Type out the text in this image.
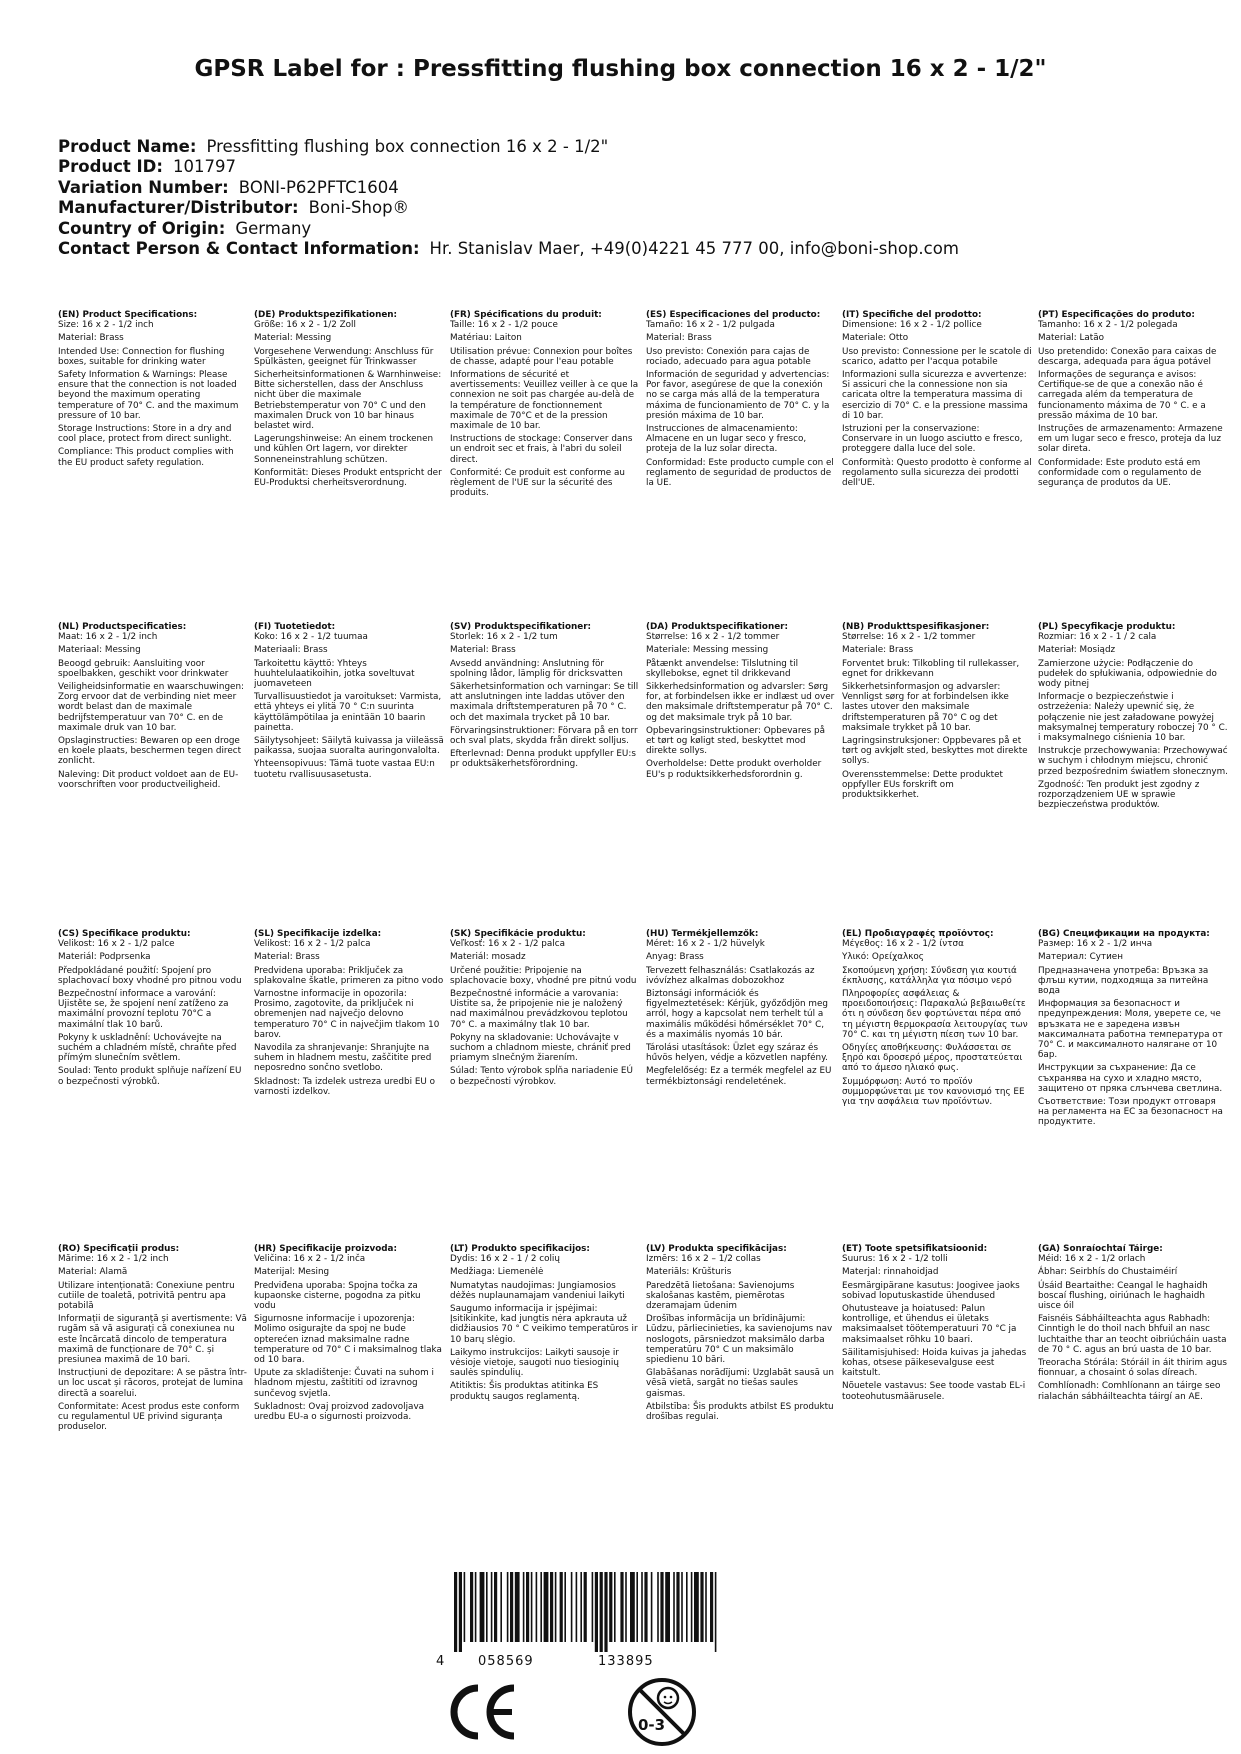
GPSR Label for : Pressfitting flushing box connection 16 x 2 - 1/2"
Product Name: Pressfitting flushing box connection 16 x 2 - 1/2"
Product ID: 101797
Variation Number: BONI-P62PFTC1604
Manufacturer/Distributor: Boni-Shop®
Country of Origin: Germany
Contact Person & Contact Information: Hr. Stanislav Maer, +49(0)4221 45 777 00, info@boni-shop.com
(EN) Product Specifications:

Size: 16 x 2 - 1/2 inch

Material: Brass

Intended Use: Connection for flushing boxes, suitable for drinking water

Safety Information & Warnings: Please ensure that the connection is not loaded beyond the maximum operating temperature of 70° C. and the maximum pressure of 10 bar.

Storage Instructions: Store in a dry and cool place, protect from direct sunlight.

Compliance: This product complies with the EU product safety regulation.

(DE) Produktspezifikationen:

Größe: 16 x 2 - 1/2 Zoll

Material: Messing

Vorgesehene Verwendung: Anschluss für Spülkästen, geeignet für Trinkwasser

Sicherheitsinformationen & Warnhinweise: Bitte sicherstellen, dass der Anschluss nicht über die maximale Betriebstemperatur von 70° C und den maximalen Druck von 10 bar hinaus belastet wird.

Lagerungshinweise: An einem trockenen und kühlen Ort lagern, vor direkter Sonneneinstrahlung schützen.

Konformität: Dieses Produkt entspricht der EU-Produktsi cherheitsverordnung.

(FR) Spécifications du produit:

Taille: 16 x 2 - 1/2 pouce

Matériau: Laiton

Utilisation prévue: Connexion pour boîtes de chasse, adapté pour l'eau potable

Informations de sécurité et avertissements: Veuillez veiller à ce que la connexion ne soit pas chargée au-delà de la température de fonctionnement maximale de 70°C et de la pression maximale de 10 bar.

Instructions de stockage: Conserver dans un endroit sec et frais, à l'abri du soleil direct.

Conformité: Ce produit est conforme au règlement de l'UE sur la sécurité des produits.

(ES) Especificaciones del producto:

Tamaño: 16 x 2 - 1/2 pulgada

Material: Brass

Uso previsto: Conexión para cajas de rociado, adecuado para agua potable

Información de seguridad y advertencias: Por favor, asegúrese de que la conexión no se carga más allá de la temperatura máxima de funcionamiento de 70° C. y la presión máxima de 10 bar.

Instrucciones de almacenamiento: Almacene en un lugar seco y fresco, proteja de la luz solar directa.

Conformidad: Este producto cumple con el reglamento de seguridad de productos de la UE.

(IT) Specifiche del prodotto:

Dimensione: 16 x 2 - 1/2 pollice

Materiale: Otto

Uso previsto: Connessione per le scatole di scarico, adatto per l'acqua potabile

Informazioni sulla sicurezza e avvertenze: Si assicuri che la connessione non sia caricata oltre la temperatura massima di esercizio di 70° C. e la pressione massima di 10 bar.

Istruzioni per la conservazione: Conservare in un luogo asciutto e fresco, proteggere dalla luce del sole.

Conformità: Questo prodotto è conforme al regolamento sulla sicurezza dei prodotti dell'UE.

(PT) Especificações do produto:

Tamanho: 16 x 2 - 1/2 polegada

Material: Latão

Uso pretendido: Conexão para caixas de descarga, adequada para água potável

Informações de segurança e avisos: Certifique-se de que a conexão não é carregada além da temperatura de funcionamento máxima de 70 ° C. e a pressão máxima de 10 bar.

Instruções de armazenamento: Armazene em um lugar seco e fresco, proteja da luz solar direta.

Conformidade: Este produto está em conformidade com o regulamento de segurança de produtos da UE.

(NL) Productspecificaties:

Maat: 16 x 2 - 1/2 inch

Materiaal: Messing

Beoogd gebruik: Aansluiting voor spoelbakken, geschikt voor drinkwater

Veiligheidsinformatie en waarschuwingen: Zorg ervoor dat de verbinding niet meer wordt belast dan de maximale bedrijfstemperatuur van 70° C. en de maximale druk van 10 bar.

Opslaginstructies: Bewaren op een droge en koele plaats, beschermen tegen direct zonlicht.

Naleving: Dit product voldoet aan de EU-voorschriften voor productveiligheid.

(FI) Tuotetiedot:

Koko: 16 x 2 - 1/2 tuumaa

Materiaali: Brass

Tarkoitettu käyttö: Yhteys huuhtelulaatikoihin, jotka soveltuvat juomaveteen

Turvallisuustiedot ja varoitukset: Varmista, että yhteys ei ylitä 70 ° C:n suurinta käyttölämpötilaa ja enintään 10 baarin painetta.

Säilytysohjeet: Säilytä kuivassa ja viileässä paikassa, suojaa suoralta auringonvalolta.

Yhteensopivuus: Tämä tuote vastaa EU:n tuotetu rvallisuusasetusta.

(SV) Produktspecifikationer:

Storlek: 16 x 2 - 1/2 tum

Material: Brass

Avsedd användning: Anslutning för spolning lådor, lämplig för dricksvatten

Säkerhetsinformation och varningar: Se till att anslutningen inte laddas utöver den maximala driftstemperaturen på 70 ° C. och det maximala trycket på 10 bar.

Förvaringsinstruktioner: Förvara på en torr och sval plats, skydda från direkt solljus.

Efterlevnad: Denna produkt uppfyller EU:s pr oduktsäkerhetsförordning.

(DA) Produktspecifikationer:

Størrelse: 16 x 2 - 1/2 tommer

Materiale: Messing messing

Påtænkt anvendelse: Tilslutning til skyllebokse, egnet til drikkevand

Sikkerhedsinformation og advarsler: Sørg for, at forbindelsen ikke er indlæst ud over den maksimale driftstemperatur på 70° C. og det maksimale tryk på 10 bar.

Opbevaringsinstruktioner: Opbevares på et tørt og køligt sted, beskyttet mod direkte sollys.

Overholdelse: Dette produkt overholder EU's p roduktsikkerhedsforordnin g.

(NB) Produkttspesifikasjoner:

Størrelse: 16 x 2 - 1/2 tommer

Materiale: Brass

Forventet bruk: Tilkobling til rullekasser, egnet for drikkevann

Sikkerhetsinformasjon og advarsler: Vennligst sørg for at forbindelsen ikke lastes utover den maksimale driftstemperaturen på 70° C og det maksimale trykket på 10 bar.

Lagringsinstruksjoner: Oppbevares på et tørt og avkjølt sted, beskyttes mot direkte sollys.

Overensstemmelse: Dette produktet oppfyller EUs forskrift om produktsikkerhet.

(PL) Specyfikacje produktu:

Rozmiar: 16 x 2 - 1 / 2 cala

Materiał: Mosiądz

Zamierzone użycie: Podłączenie do pudełek do spłukiwania, odpowiednie do wody pitnej

Informacje o bezpieczeństwie i ostrzeżenia: Należy upewnić się, że połączenie nie jest załadowane powyżej maksymalnej temperatury roboczej 70 ° C. i maksymalnego ciśnienia 10 bar.

Instrukcje przechowywania: Przechowywać w suchym i chłodnym miejscu, chronić przed bezpośrednim światłem słonecznym.

Zgodność: Ten produkt jest zgodny z rozporządzeniem UE w sprawie bezpieczeństwa produktów.

(CS) Specifikace produktu:

Velikost: 16 x 2 - 1/2 palce

Materiál: Podprsenka

Předpokládané použití: Spojení pro splachovací boxy vhodné pro pitnou vodu

Bezpečnostní informace a varování: Ujistěte se, že spojení není zatíženo za maximální provozní teplotu 70°C a maximální tlak 10 barů.

Pokyny k uskladnění: Uchovávejte na suchém a chladném místě, chraňte před přímým slunečním světlem.

Soulad: Tento produkt splňuje nařízení EU o bezpečnosti výrobků.

(SL) Specifikacije izdelka:

Velikost: 16 x 2 - 1/2 palca

Material: Brass

Predvidena uporaba: Priključek za splakovalne škatle, primeren za pitno vodo

Varnostne informacije in opozorila: Prosimo, zagotovite, da priključek ni obremenjen nad največjo delovno temperaturo 70° C in največjim tlakom 10 barov.

Navodila za shranjevanje: Shranjujte na suhem in hladnem mestu, zaščitite pred neposredno sončno svetlobo.

Skladnost: Ta izdelek ustreza uredbi EU o varnosti izdelkov.

(SK) Špecifikácie produktu:

Veľkosť: 16 x 2 - 1/2 palca

Materiál: mosadz

Určené použitie: Pripojenie na splachovacie boxy, vhodné pre pitnú vodu

Bezpečnostné informácie a varovania: Uistite sa, že pripojenie nie je naložený nad maximálnou prevádzkovou teplotou 70° C. a maximálny tlak 10 bar.

Pokyny na skladovanie: Uchovávajte v suchom a chladnom mieste, chrániť pred priamym slnečným žiarením.

Súlad: Tento výrobok spĺňa nariadenie EÚ o bezpečnosti výrobkov.

(HU) Termékjellemzők:

Méret: 16 x 2 - 1/2 hüvelyk

Anyag: Brass

Tervezett felhasználás: Csatlakozás az ivóvízhez alkalmas dobozokhoz

Biztonsági információk és figyelmeztetések: Kérjük, győződjön meg arról, hogy a kapcsolat nem terhelt túl a maximális működési hőmérséklet 70° C, és a maximális nyomás 10 bár.

Tárolási utasítások: Üzlet egy száraz és hűvös helyen, védje a közvetlen napfény.

Megfelelőség: Ez a termék megfelel az EU termékbiztonsági rendeletének.

(EL) Προδιαγραφές προϊόντος:

Μέγεθος: 16 x 2 - 1/2 ίντσα

Υλικό: Ορείχαλκος

Σκοπούμενη χρήση: Σύνδεση για κουτιά έκπλυσης, κατάλληλα για πόσιμο νερό

Πληροφορίες ασφάλειας & προειδοποιήσεις: Παρακαλώ βεβαιωθείτε ότι η σύνδεση δεν φορτώνεται πέρα από τη μέγιστη θερμοκρασία λειτουργίας των 70° C. και τη μέγιστη πίεση των 10 bar.

Οδηγίες αποθήκευσης: Φυλάσσεται σε ξηρό και δροσερό μέρος, προστατεύεται από το άμεσο ηλιακό φως.

Συμμόρφωση: Αυτό το προϊόν συμμορφώνεται με τον κανονισμό της ΕΕ για την ασφάλεια των προϊόντων.

(BG) Спецификации на продукта:

Размер: 16 x 2 - 1/2 инча

Материал: Сутиен

Предназначена употреба: Връзка за флъш кутии, подходяща за питейна вода

Информация за безопасност и предупреждения: Моля, уверете се, че връзката не е заредена извън максималната работна температура от 70° С. и максималното налягане от 10 бар.

Инструкции за съхранение: Да се съхранява на сухо и хладно място, защитено от пряка слънчева светлина.

Съответствие: Този продукт отговаря на регламента на ЕС за безопасност на продуктите.

(RO) Specificații produs:

Mărime: 16 x 2 - 1/2 inch

Material: Alamă

Utilizare intenționată: Conexiune pentru cutiile de toaletă, potrivită pentru apa potabilă

Informații de siguranță și avertismente: Vă rugăm să vă asigurați că conexiunea nu este încărcată dincolo de temperatura maximă de funcționare de 70° C. și presiunea maximă de 10 bari.

Instrucțiuni de depozitare: A se păstra într- un loc uscat și răcoros, protejat de lumina directă a soarelui.

Conformitate: Acest produs este conform cu regulamentul UE privind siguranța produselor.

(HR) Specifikacije proizvoda:

Veličina: 16 x 2 - 1/2 inča

Materijal: Mesing

Predviđena uporaba: Spojna točka za kupaonske cisterne, pogodna za pitku vodu

Sigurnosne informacije i upozorenja: Molimo osigurajte da spoj ne bude opterećen iznad maksimalne radne temperature od 70° C i maksimalnog tlaka od 10 bara.

Upute za skladištenje: Čuvati na suhom i hladnom mjestu, zaštititi od izravnog sunčevog svjetla.

Sukladnost: Ovaj proizvod zadovoljava uredbu EU-a o sigurnosti proizvoda.

(LT) Produkto specifikacijos:

Dydis: 16 x 2 - 1 / 2 colių

Medžiaga: Liemenėlė

Numatytas naudojimas: Jungiamosios dėžės nuplaunamajam vandeniui laikyti

Saugumo informacija ir įspėjimai: Įsitikinkite, kad jungtis nėra apkrauta už didžiausios 70 ° C veikimo temperatūros ir 10 barų slėgio.

Laikymo instrukcijos: Laikyti sausoje ir vėsioje vietoje, saugoti nuo tiesioginių saulės spindulių.

Atitiktis: Šis produktas atitinka ES produktų saugos reglamentą.

(LV) Produkta specifikācijas:

Izmērs: 16 x 2 – 1/2 collas

Materiāls: Krūšturis

Paredzētā lietošana: Savienojums skalošanas kastēm, piemērotas dzeramajam ūdenim

Drošības informācija un brīdinājumi: Lūdzu, pārliecinieties, ka savienojums nav noslogots, pārsniedzot maksimālo darba temperatūru 70° C un maksimālo spiedienu 10 bāri.

Glabāšanas norādījumi: Uzglabāt sausā un vēsā vietā, sargāt no tiešas saules gaismas.

Atbilstība: Šis produkts atbilst ES produktu drošības regulai.

(ET) Toote spetsifikatsioonid:

Suurus: 16 x 2 - 1/2 tolli

Materjal: rinnahoidjad

Eesmärgipärane kasutus: Joogivee jaoks sobivad loputuskastide ühendused

Ohutusteave ja hoiatused: Palun kontrollige, et ühendus ei ületaks maksimaalset töötemperatuuri 70 °C ja maksimaalset rõhku 10 baari.

Säilitamisjuhised: Hoida kuivas ja jahedas kohas, otsese päikesevalguse eest kaitstult.

Nõuetele vastavus: See toode vastab EL-i tooteohutusmäärusele.

(GA) Sonraíochtaí Táirge:

Méid: 16 x 2 - 1/2 orlach

Ábhar: Seirbhís do Chustaiméirí

Úsáid Beartaithe: Ceangal le haghaidh boscaí flushing, oiriúnach le haghaidh uisce óil

Faisnéis Sábháilteachta agus Rabhadh: Cinntigh le do thoil nach bhfuil an nasc luchtaithe thar an teocht oibriúcháin uasta de 70 ° C. agus an brú uasta de 10 bar.

Treoracha Stórála: Stóráil in áit thirim agus fionnuar, a chosaint ó solas díreach.

Comhlíonadh: Comhlíonann an táirge seo rialachán sábháilteachta táirgí an AE.

4	058569	133895
0-3
